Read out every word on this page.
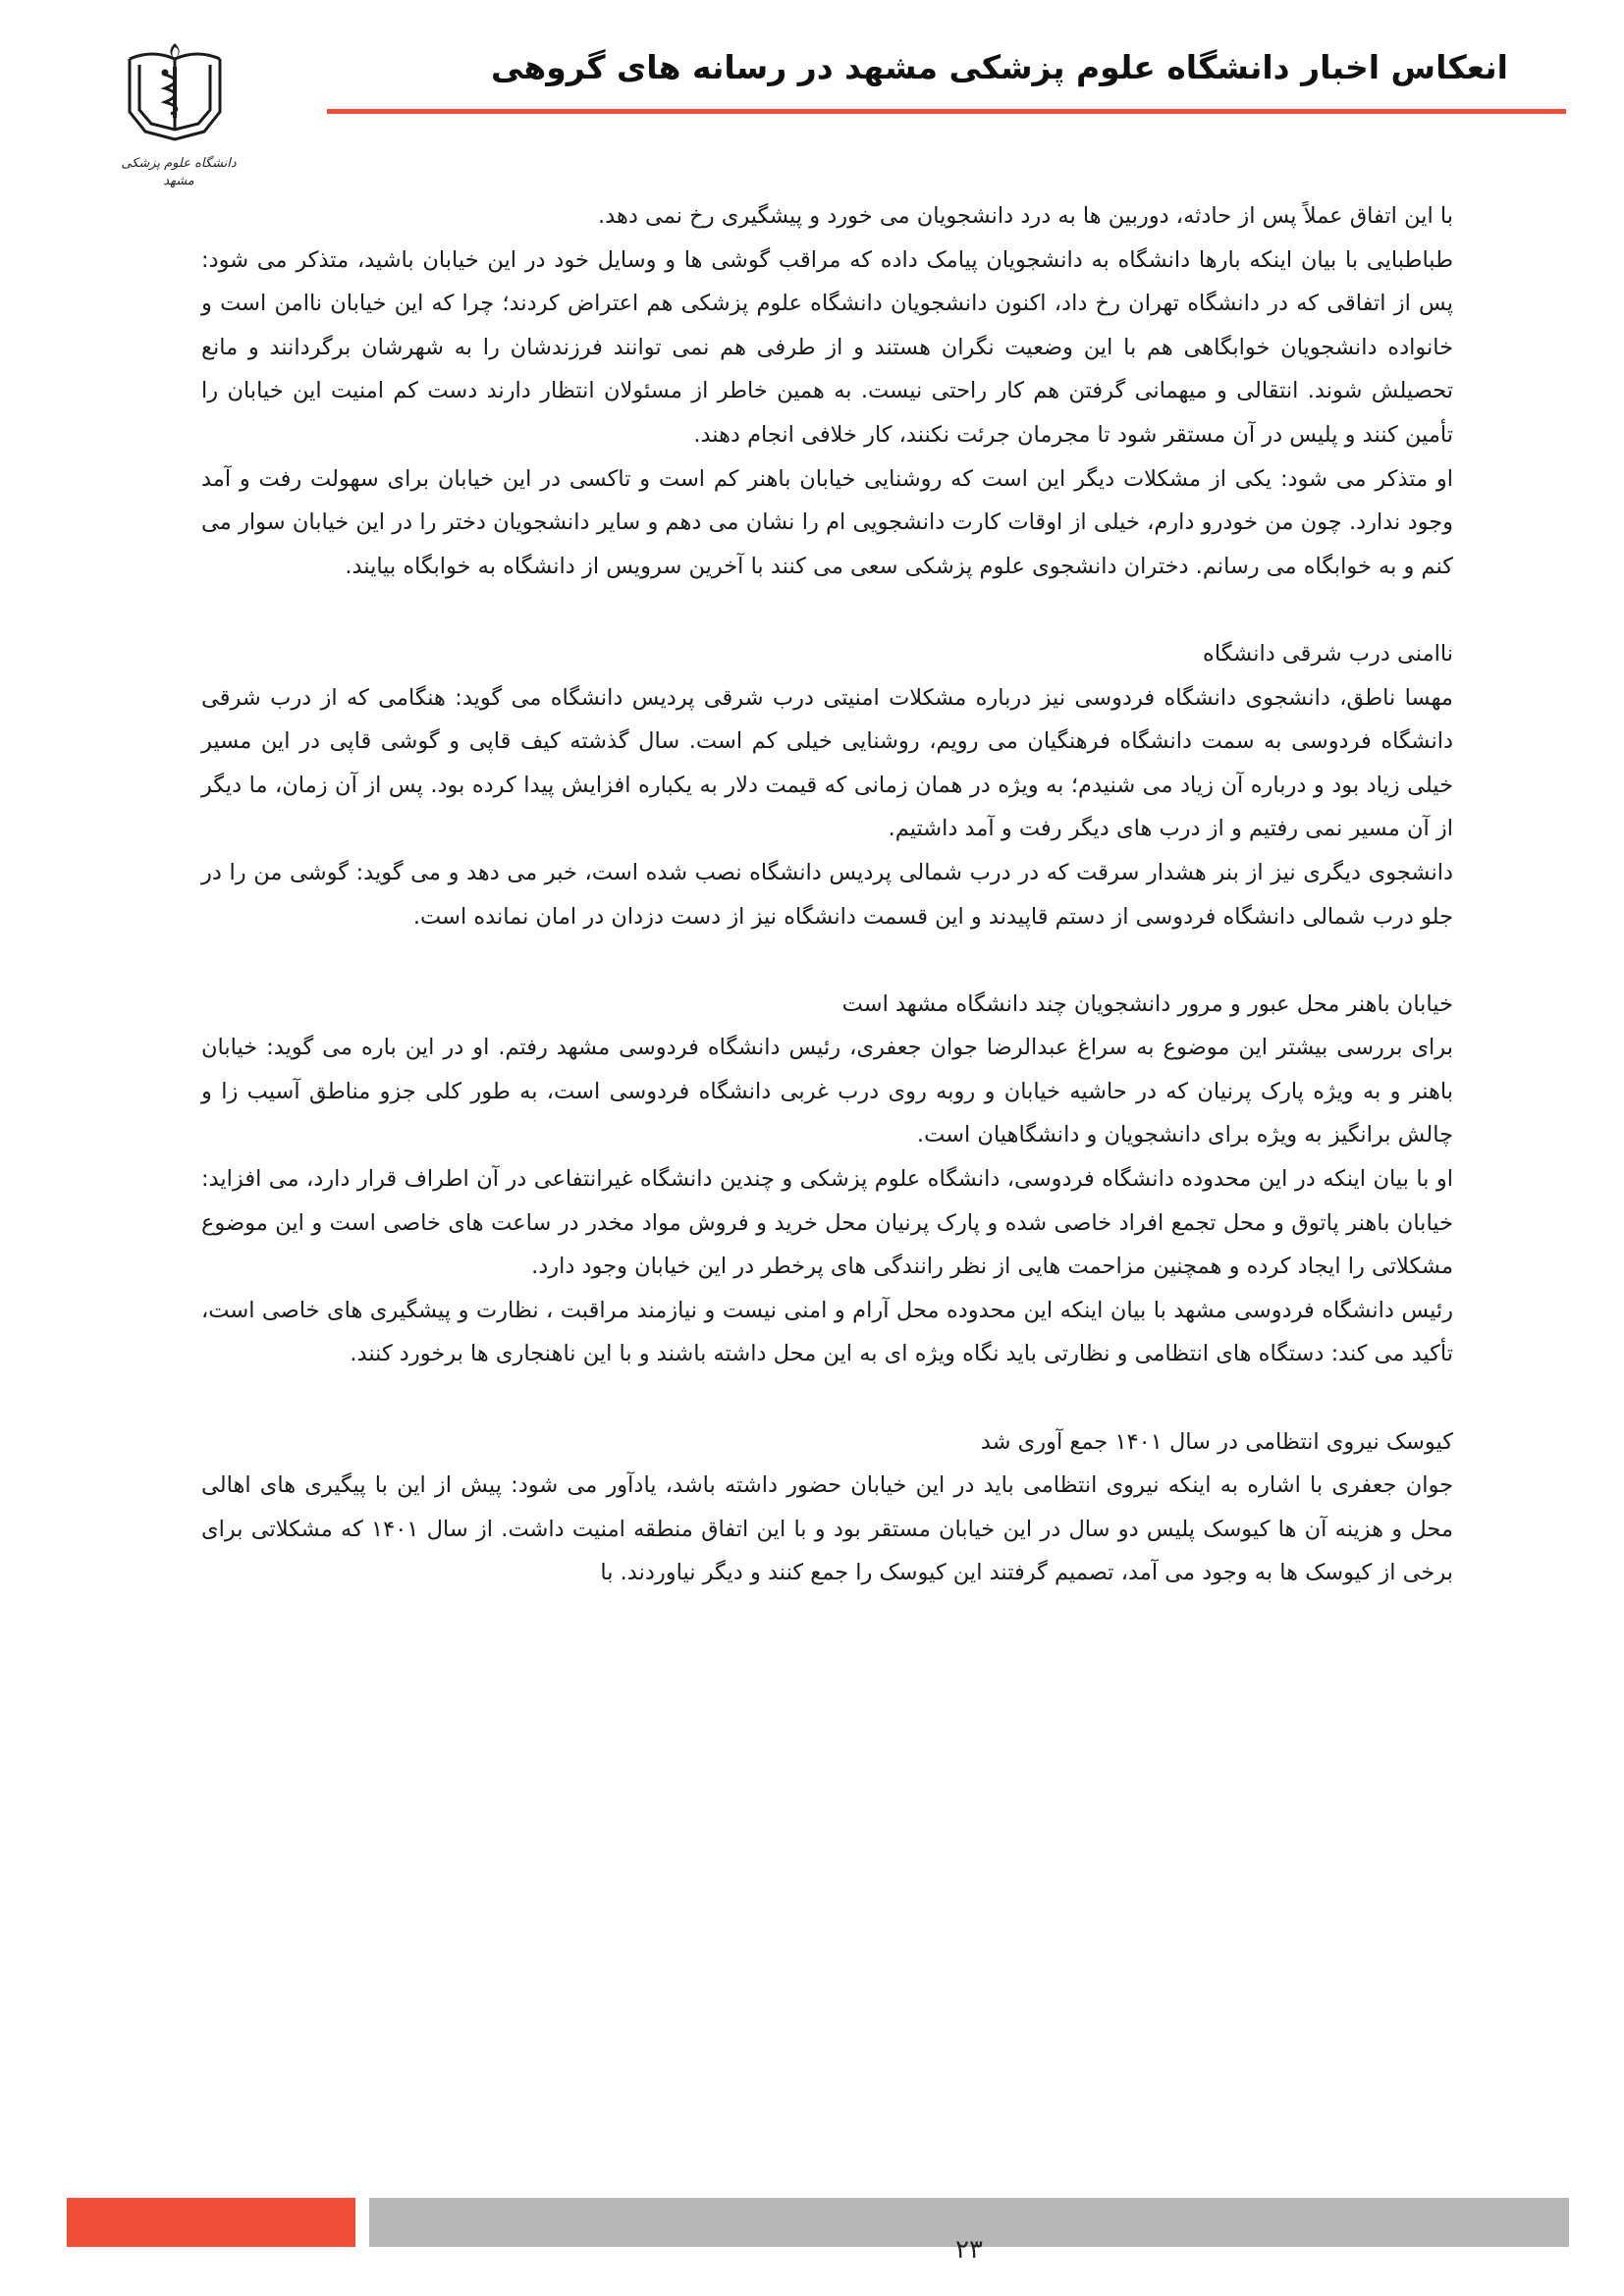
دانشگاه علوم پزشکی مشهد
انعکاس اخبار دانشگاه علوم پزشکی مشهد در رسانه های گروهی

با این اتفاق عملاً پس از حادثه، دوربین ها به درد دانشجویان می خورد و پیشگیری رخ نمی دهد.

طباطبایی با بیان اینکه بارها دانشگاه به دانشجویان پیامک داده که مراقب گوشی ها و وسایل خود در این خیابان باشید، متذکر می شود: پس از اتفاقی که در دانشگاه تهران رخ داد، اکنون دانشجویان دانشگاه علوم پزشکی هم اعتراض کردند؛ چرا که این خیابان ناامن است و خانواده دانشجویان خوابگاهی هم با این وضعیت نگران هستند و از طرفی هم نمی توانند فرزندشان را به شهرشان برگردانند و مانع تحصیلش شوند. انتقالی و میهمانی گرفتن هم کار راحتی نیست. به همین خاطر از مسئولان انتظار دارند دست کم امنیت این خیابان را تأمین کنند و پلیس در آن مستقر شود تا مجرمان جرئت نکنند، کار خلافی انجام دهند.

او متذکر می شود: یکی از مشکلات دیگر این است که روشنایی خیابان باهنر کم است و تاکسی در این خیابان برای سهولت رفت و آمد وجود ندارد. چون من خودرو دارم، خیلی از اوقات کارت دانشجویی ام را نشان می دهم و سایر دانشجویان دختر را در این خیابان سوار می کنم و به خوابگاه می رسانم. دختران دانشجوی علوم پزشکی سعی می کنند با آخرین سرویس از دانشگاه به خوابگاه بیایند.

نا‌امنی درب شرقی دانشگاه

مهسا ناطق، دانشجوی دانشگاه فردوسی نیز درباره مشکلات امنیتی درب شرقی پردیس دانشگاه می گوید: هنگامی که از درب شرقی دانشگاه فردوسی به سمت دانشگاه فرهنگیان می رویم، روشنایی خیلی کم است. سال گذشته کیف قاپی و گوشی قاپی در این مسیر خیلی زیاد بود و درباره آن زیاد می شنیدم؛ به ویژه در همان زمانی که قیمت دلار به یکباره افزایش پیدا کرده بود. پس از آن زمان، ما دیگر از آن مسیر نمی رفتیم و از درب های دیگر رفت و آمد داشتیم.

دانشجوی دیگری نیز از بنر هشدار سرقت که در درب شمالی پردیس دانشگاه نصب شده است، خبر می دهد و می گوید: گوشی من را در جلو درب شمالی دانشگاه فردوسی از دستم قاپیدند و این قسمت دانشگاه نیز از دست دزدان در امان نمانده است.

خیابان باهنر محل عبور و مرور دانشجویان چند دانشگاه مشهد است

برای بررسی بیشتر این موضوع به سراغ عبدالرضا جوان جعفری، رئیس دانشگاه فردوسی مشهد رفتم. او در این باره می گوید: خیابان باهنر و به ویژه پارک پرنیان که در حاشیه خیابان و روبه روی درب غربی دانشگاه فردوسی است، به طور کلی جزو مناطق آسیب زا و چالش برانگیز به ویژه برای دانشجویان و دانشگاهیان است.

او با بیان اینکه در این محدوده دانشگاه فردوسی، دانشگاه علوم پزشکی و چندین دانشگاه غیرانتفاعی در آن اطراف قرار دارد، می افزاید: خیابان باهنر پاتوق و محل تجمع افراد خاصی شده و پارک پرنیان محل خرید و فروش مواد مخدر در ساعت های خاصی است و این موضوع مشکلاتی را ایجاد کرده و همچنین مزاحمت هایی از نظر رانندگی های پرخطر در این خیابان وجود دارد.

رئیس دانشگاه فردوسی مشهد با بیان اینکه این محدوده محل آرام و امنی نیست و نیازمند مراقبت ، نظارت و پیشگیری های خاصی است، تأکید می کند: دستگاه های انتظامی و نظارتی باید نگاه ویژه ای به این محل داشته باشند و با این ناهنجاری ها برخورد کنند.

کیوسک نیروی انتظامی در سال ۱۴۰۱ جمع آوری شد

جوان جعفری با اشاره به اینکه نیروی انتظامی باید در این خیابان حضور داشته باشد، یادآور می شود: پیش از این با پیگیری های اهالی محل و هزینه آن ها کیوسک پلیس دو سال در این خیابان مستقر بود و با این اتفاق منطقه امنیت داشت. از سال ۱۴۰۱ که مشکلاتی برای برخی از کیوسک ها به وجود می آمد، تصمیم گرفتند این کیوسک را جمع کنند و دیگر نیاوردند. با

۲۳
